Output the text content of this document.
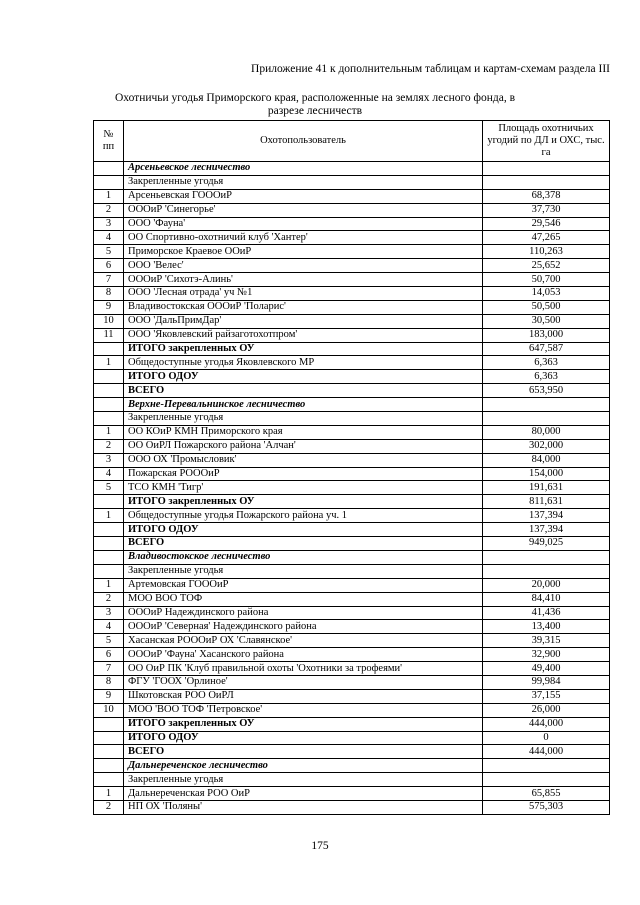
Приложение 41 к дополнительным таблицам и картам-схемам раздела III
Охотничьи угодья Приморского края, расположенные на землях лесного фонда, в
разрезе лесничеств
№ пп	Охотопользователь	Площадь охотничьих угодий по ДЛ и ОХС, тыс. га
	Арсеньевское лесничество	
	Закрепленные угодья	
1	Арсеньевская ГОООиР	68,378
2	ОООиР 'Синегорье'	37,730
3	ООО 'Фауна'	29,546
4	ОО Спортивно-охотничий клуб 'Хантер'	47,265
5	Приморское Краевое ООиР	110,263
6	ООО 'Велес'	25,652
7	ОООиР 'Сихотэ-Алинь'	50,700
8	ООО 'Лесная отрада' уч №1	14,053
9	Владивостокская ОООиР 'Поларис'	50,500
10	ООО 'ДальПримДар'	30,500
11	ООО 'Яковлевский райзаготохотпром'	183,000
	ИТОГО закрепленных ОУ	647,587
1	Общедоступные угодья Яковлевского МР	6,363
	ИТОГО ОДОУ	6,363
	ВСЕГО	653,950
	Верхне-Перевальнинское лесничество	
	Закрепленные угодья	
1	ОО КОиР КМН Приморского края	80,000
2	ОО ОиРЛ Пожарского района 'Алчан'	302,000
3	ООО ОХ 'Промысловик'	84,000
4	Пожарская РОООиР	154,000
5	ТСО КМН 'Тигр'	191,631
	ИТОГО закрепленных ОУ	811,631
1	Общедоступные угодья Пожарского района уч. 1	137,394
	ИТОГО ОДОУ	137,394
	ВСЕГО	949,025
	Владивостокское лесничество	
	Закрепленные угодья	
1	Артемовская ГОООиР	20,000
2	МОО ВОО ТОФ	84,410
3	ОООиР Надеждинского района	41,436
4	ОООиР 'Северная' Надеждинского района	13,400
5	Хасанская РОООиР ОХ 'Славянское'	39,315
6	ОООиР 'Фауна' Хасанского района	32,900
7	ОО ОиР ПК 'Клуб правильной охоты 'Охотники за трофеями'	49,400
8	ФГУ 'ГООХ 'Орлиное'	99,984
9	Шкотовская РОО ОиРЛ	37,155
10	МОО 'ВОО ТОФ 'Петровское'	26,000
	ИТОГО закрепленных ОУ	444,000
	ИТОГО ОДОУ	0
	ВСЕГО	444,000
	Дальнереченское лесничество	
	Закрепленные угодья	
1	Дальнереченская РОО ОиР	65,855
2	НП ОХ 'Поляны'	575,303
175
